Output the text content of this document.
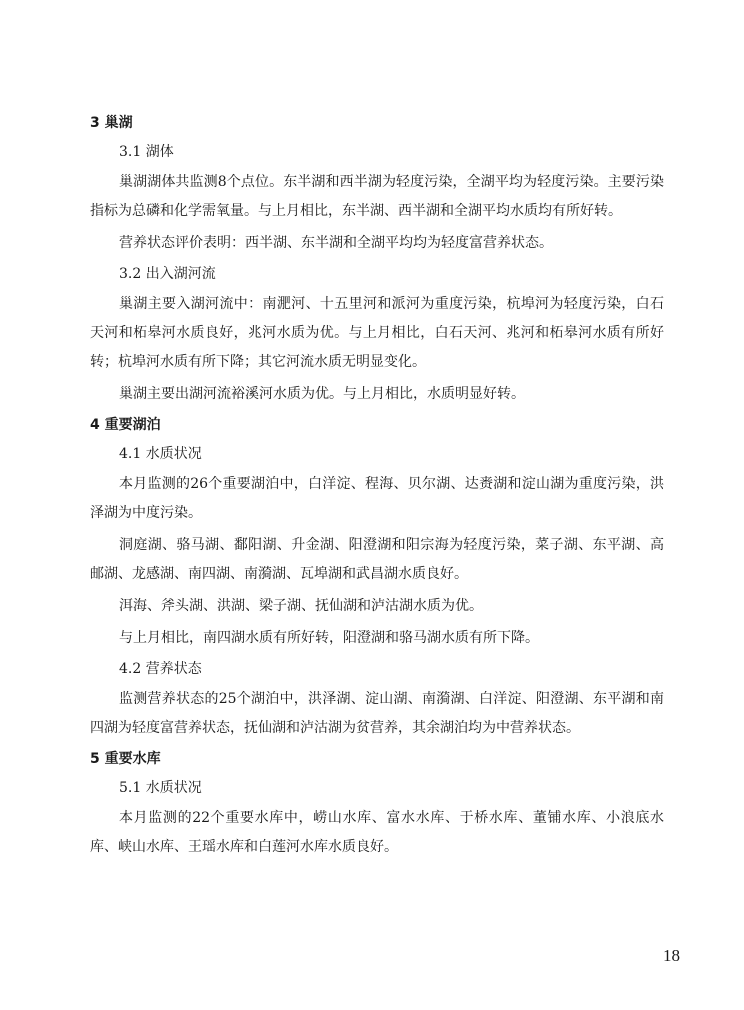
3 巢湖
3.1 湖体

巢湖湖体共监测8个点位。东半湖和西半湖为轻度污染，全湖平均为轻度污染。主要污染指标为总磷和化学需氧量。与上月相比，东半湖、西半湖和全湖平均水质均有所好转。

营养状态评价表明：西半湖、东半湖和全湖平均均为轻度富营养状态。

3.2 出入湖河流

巢湖主要入湖河流中：南淝河、十五里河和派河为重度污染，杭埠河为轻度污染，白石天河和柘皋河水质良好，兆河水质为优。与上月相比，白石天河、兆河和柘皋河水质有所好转；杭埠河水质有所下降；其它河流水质无明显变化。

巢湖主要出湖河流裕溪河水质为优。与上月相比，水质明显好转。

4 重要湖泊
4.1 水质状况

本月监测的26个重要湖泊中，白洋淀、程海、贝尔湖、达赉湖和淀山湖为重度污染，洪泽湖为中度污染。

洞庭湖、骆马湖、鄱阳湖、升金湖、阳澄湖和阳宗海为轻度污染，菜子湖、东平湖、高邮湖、龙感湖、南四湖、南漪湖、瓦埠湖和武昌湖水质良好。

洱海、斧头湖、洪湖、梁子湖、抚仙湖和泸沽湖水质为优。

与上月相比，南四湖水质有所好转，阳澄湖和骆马湖水质有所下降。

4.2 营养状态

监测营养状态的25个湖泊中，洪泽湖、淀山湖、南漪湖、白洋淀、阳澄湖、东平湖和南四湖为轻度富营养状态，抚仙湖和泸沽湖为贫营养，其余湖泊均为中营养状态。

5 重要水库
5.1 水质状况

本月监测的22个重要水库中，崂山水库、富水水库、于桥水库、董铺水库、小浪底水库、峡山水库、王瑶水库和白莲河水库水质良好。

18
